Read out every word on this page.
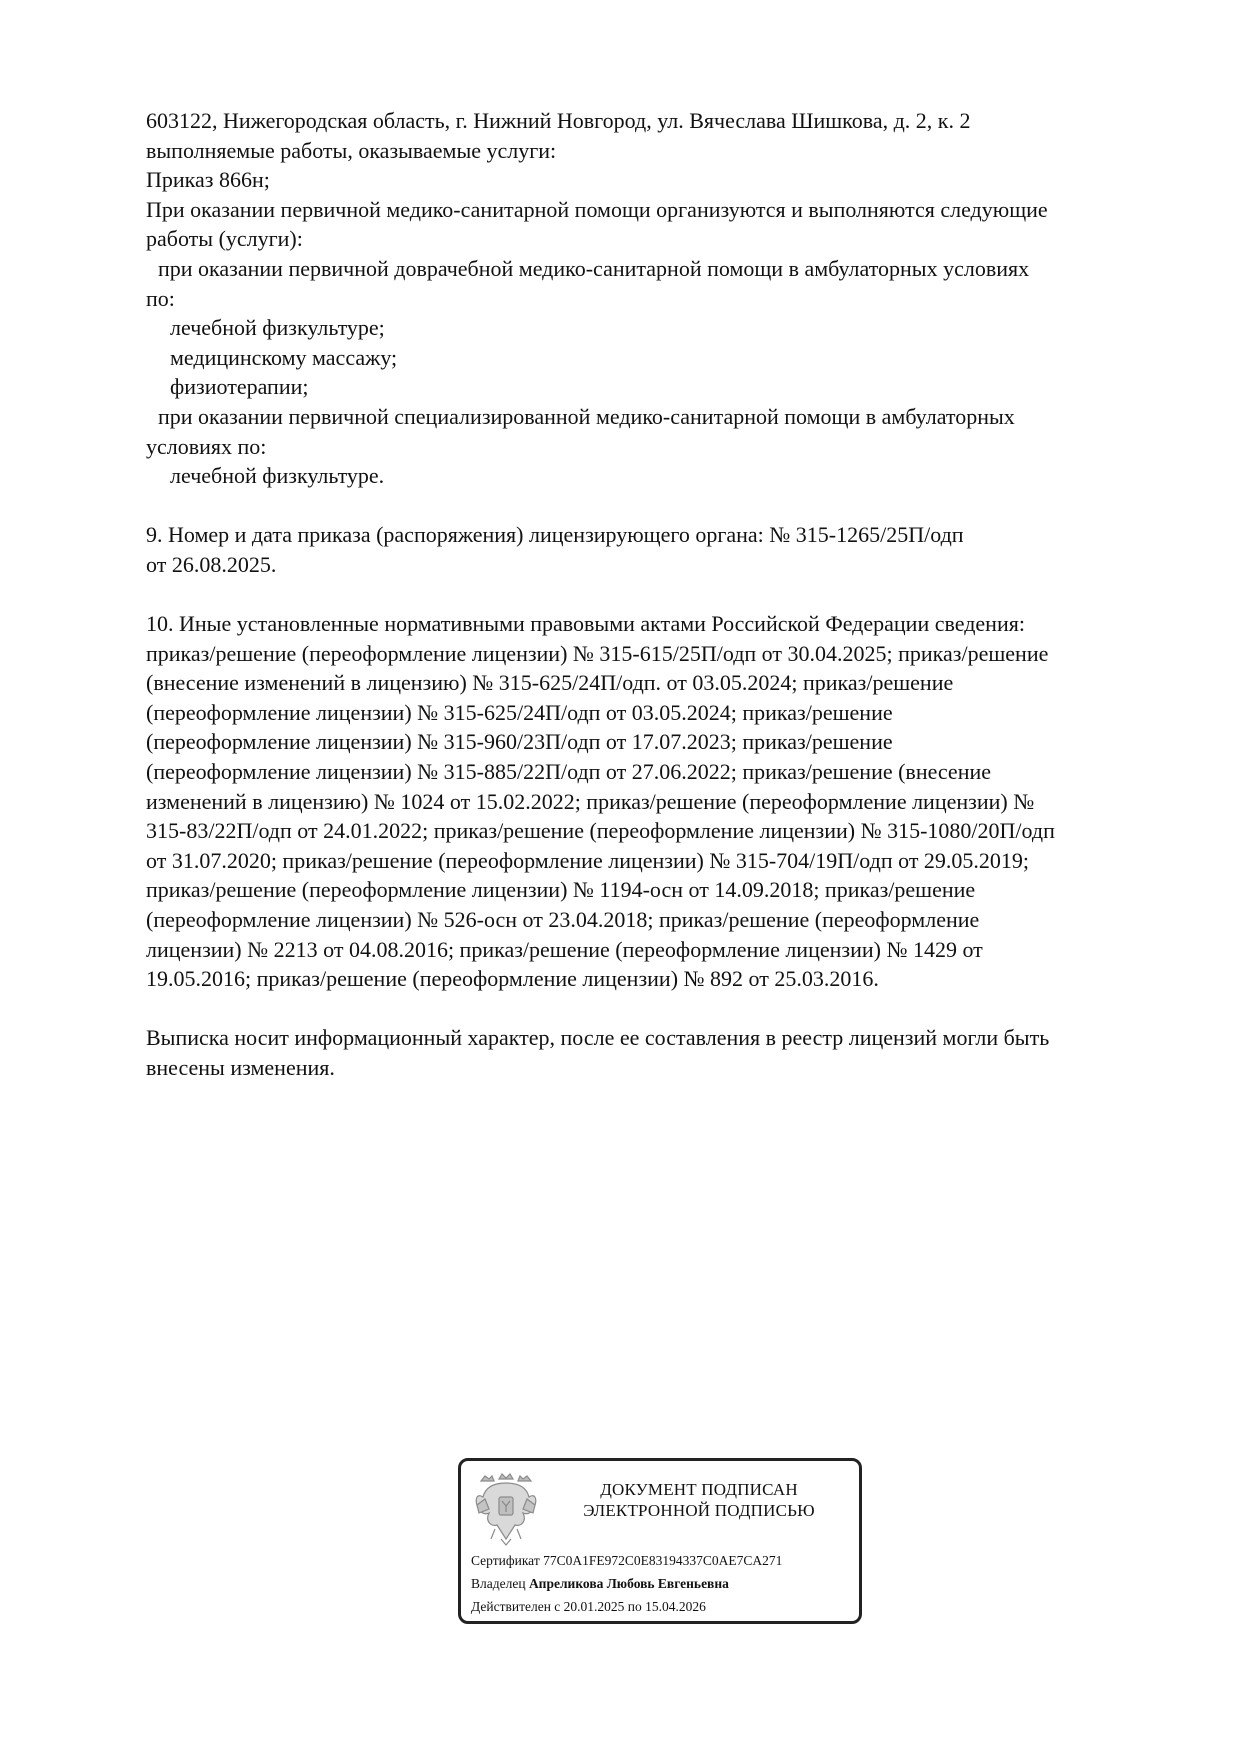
603122, Нижегородская область, г. Нижний Новгород, ул. Вячеслава Шишкова, д. 2, к. 2
выполняемые работы, оказываемые услуги:
Приказ 866н;
При оказании первичной медико-санитарной помощи организуются и выполняются следующие
работы (услуги):
при оказании первичной доврачебной медико-санитарной помощи в амбулаторных условиях
по:
лечебной физкультуре;
медицинскому массажу;
физиотерапии;
при оказании первичной специализированной медико-санитарной помощи в амбулаторных
условиях по:
лечебной физкультуре.
9. Номер и дата приказа (распоряжения) лицензирующего органа: № 315-1265/25П/одп
от 26.08.2025.
10. Иные установленные нормативными правовыми актами Российской Федерации сведения:
приказ/решение (переоформление лицензии) № 315-615/25П/одп от 30.04.2025; приказ/решение
(внесение изменений в лицензию) № 315-625/24П/одп. от 03.05.2024; приказ/решение
(переоформление лицензии) № 315-625/24П/одп от 03.05.2024; приказ/решение
(переоформление лицензии) № 315-960/23П/одп от 17.07.2023; приказ/решение
(переоформление лицензии) № 315-885/22П/одп от 27.06.2022; приказ/решение (внесение
изменений в лицензию) № 1024 от 15.02.2022; приказ/решение (переоформление лицензии) №
315-83/22П/одп от 24.01.2022; приказ/решение (переоформление лицензии) № 315-1080/20П/одп
от 31.07.2020; приказ/решение (переоформление лицензии) № 315-704/19П/одп от 29.05.2019;
приказ/решение (переоформление лицензии) № 1194-осн от 14.09.2018; приказ/решение
(переоформление лицензии) № 526-осн от 23.04.2018; приказ/решение (переоформление
лицензии) № 2213 от 04.08.2016; приказ/решение (переоформление лицензии) № 1429 от
19.05.2016; приказ/решение (переоформление лицензии) № 892 от 25.03.2016.
Выписка носит информационный характер, после ее составления в реестр лицензий могли быть
внесены изменения.
ДОКУМЕНТ ПОДПИСАН
ЭЛЕКТРОННОЙ ПОДПИСЬЮ
Сертификат 77C0A1FE972C0E83194337C0AE7CA271
Владелец Апреликова Любовь Евгеньевна
Действителен с 20.01.2025 по 15.04.2026
